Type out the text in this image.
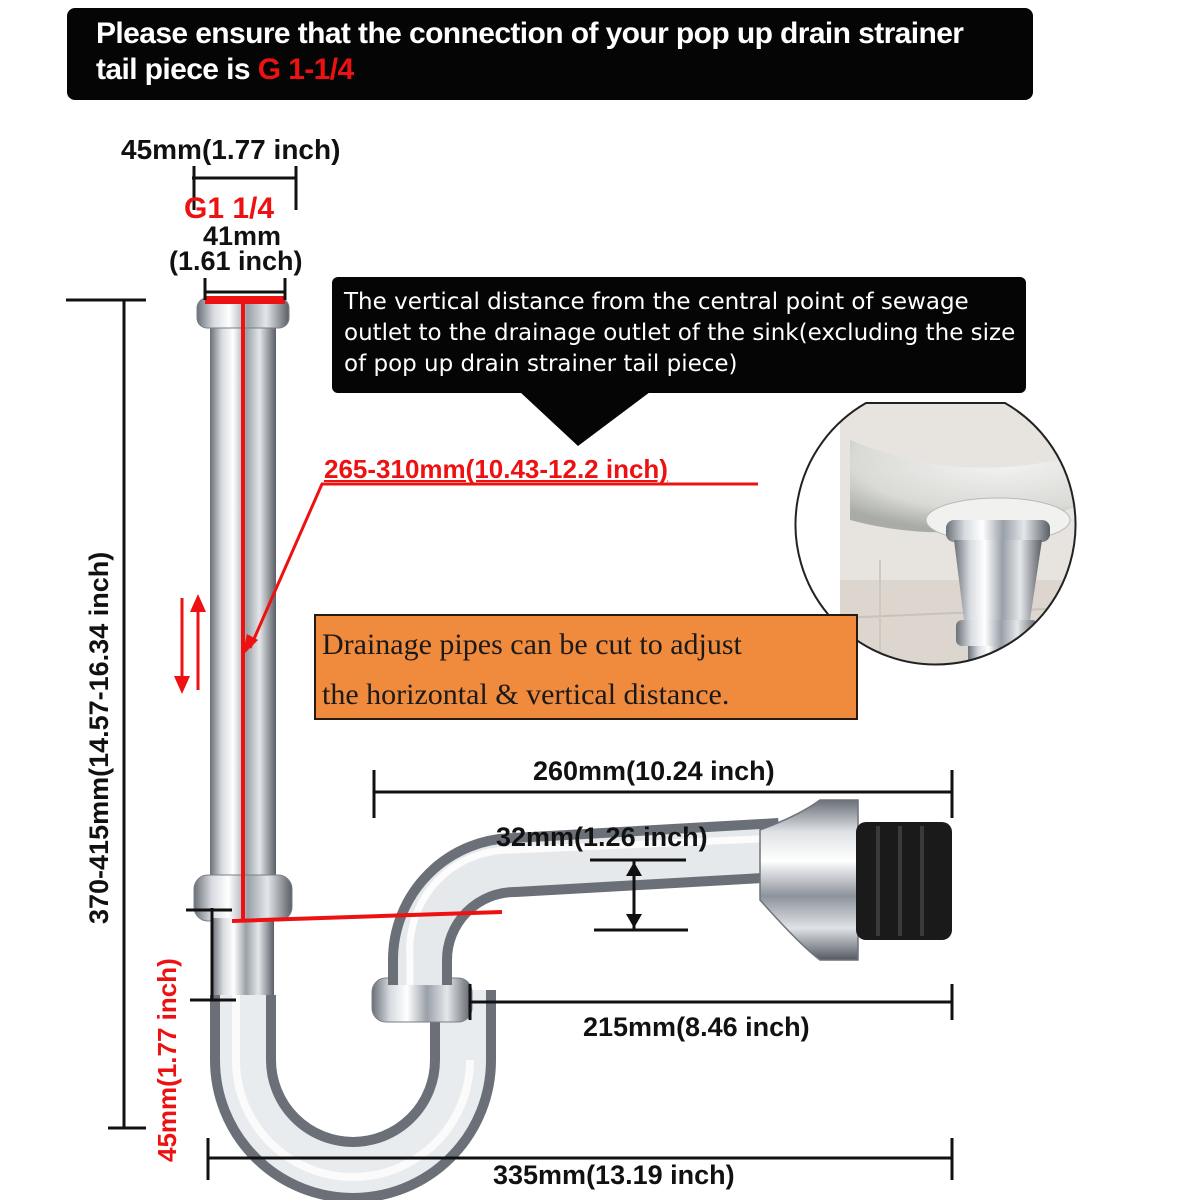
Please ensure that the connection of your pop up drain strainer
tail piece is G 1-1/4
45mm(1.77 inch)
G1 1/4
41mm
(1.61 inch)
The vertical distance from the central point of sewage outlet to the drainage outlet of the sink(excluding the size of pop up drain strainer tail piece)
265-310mm(10.43-12.2 inch)
Drainage pipes can be cut to adjust
the horizontal & vertical distance.
370-415mm(14.57-16.34 inch)
45mm(1.77 inch)
260mm(10.24 inch)
32mm(1.26 inch)
215mm(8.46 inch)
335mm(13.19 inch)
